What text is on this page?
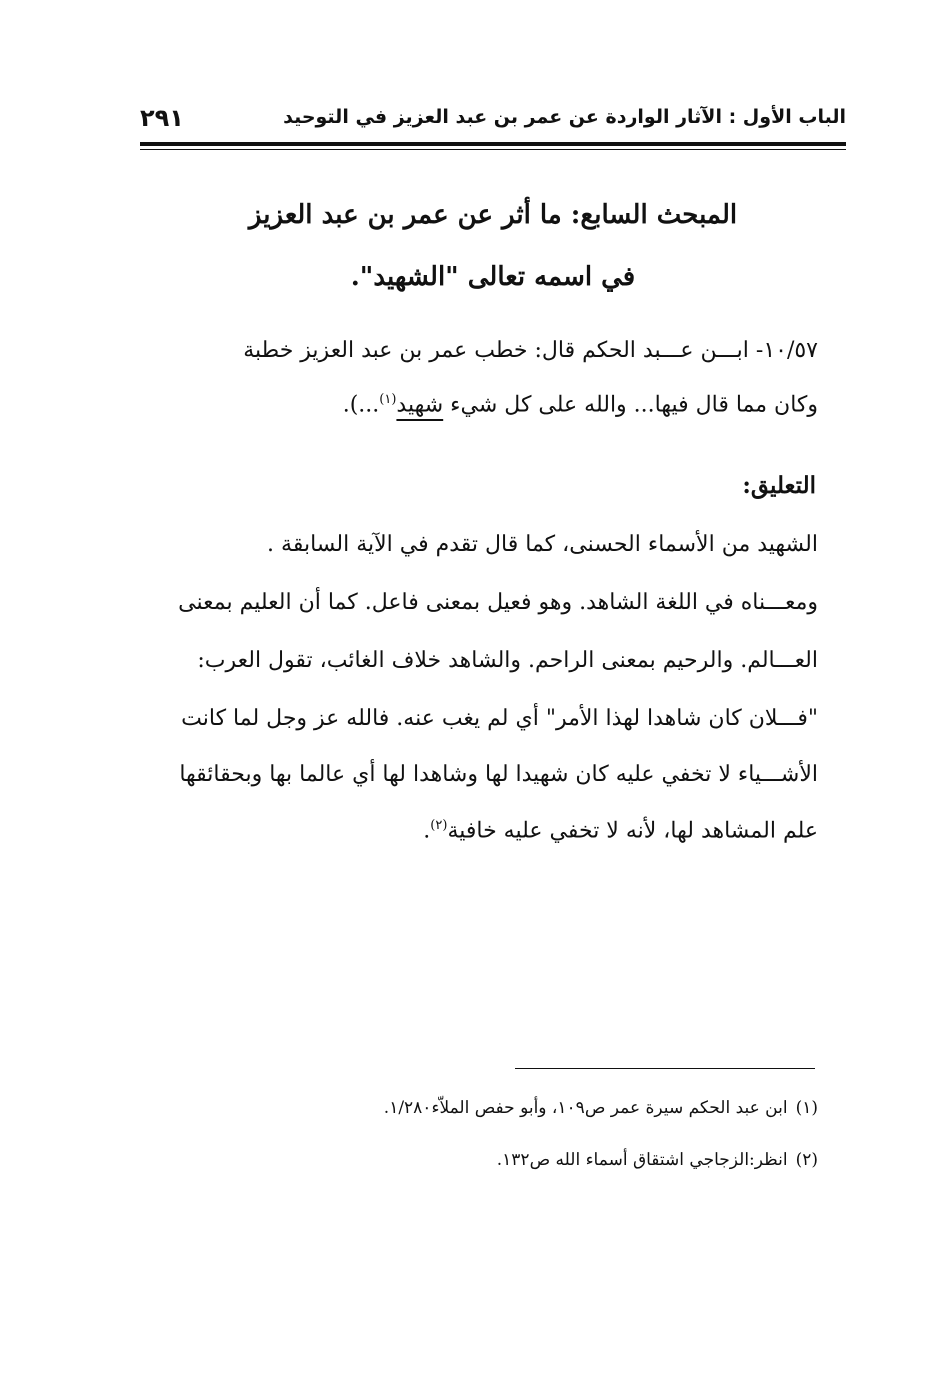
الباب الأول : الآثار الواردة عن عمر بن عبد العزيز في التوحيد
٢٩١
المبحث السابع: ما أثر عن عمر بن عبد العزيز
في اسمه تعالى "الشهيد".
١٠/٥٧- ابـــن عـــبد الحكم قال: خطب عمر بن عبد العزيز خطبة
وكان مما قال فيها... والله على كل شيء شهيد$^{(١)}$...).
التعليق:
الشهيد من الأسماء الحسنى، كما قال تقدم في الآية السابقة .
ومعـــناه في اللغة الشاهد. وهو فعيل بمعنى فاعل. كما أن العليم بمعنى
العـــالم. والرحيم بمعنى الراحم. والشاهد خلاف الغائب، تقول العرب:
"فـــلان كان شاهدا لهذا الأمر" أي لم يغب عنه. فالله عز وجل لما كانت
الأشـــياء لا تخفي عليه كان شهيدا لها وشاهدا لها أي عالما بها وبحقائقها
علم المشاهد لها، لأنه لا تخفي عليه خافية$^{(٢)}$.
(١)ابن عبد الحكم سيرة عمر ص١٠٩، وأبو حفص الملاّء١/٢٨٠.
(٢)انظر:الزجاجي اشتقاق أسماء الله ص١٣٢.
